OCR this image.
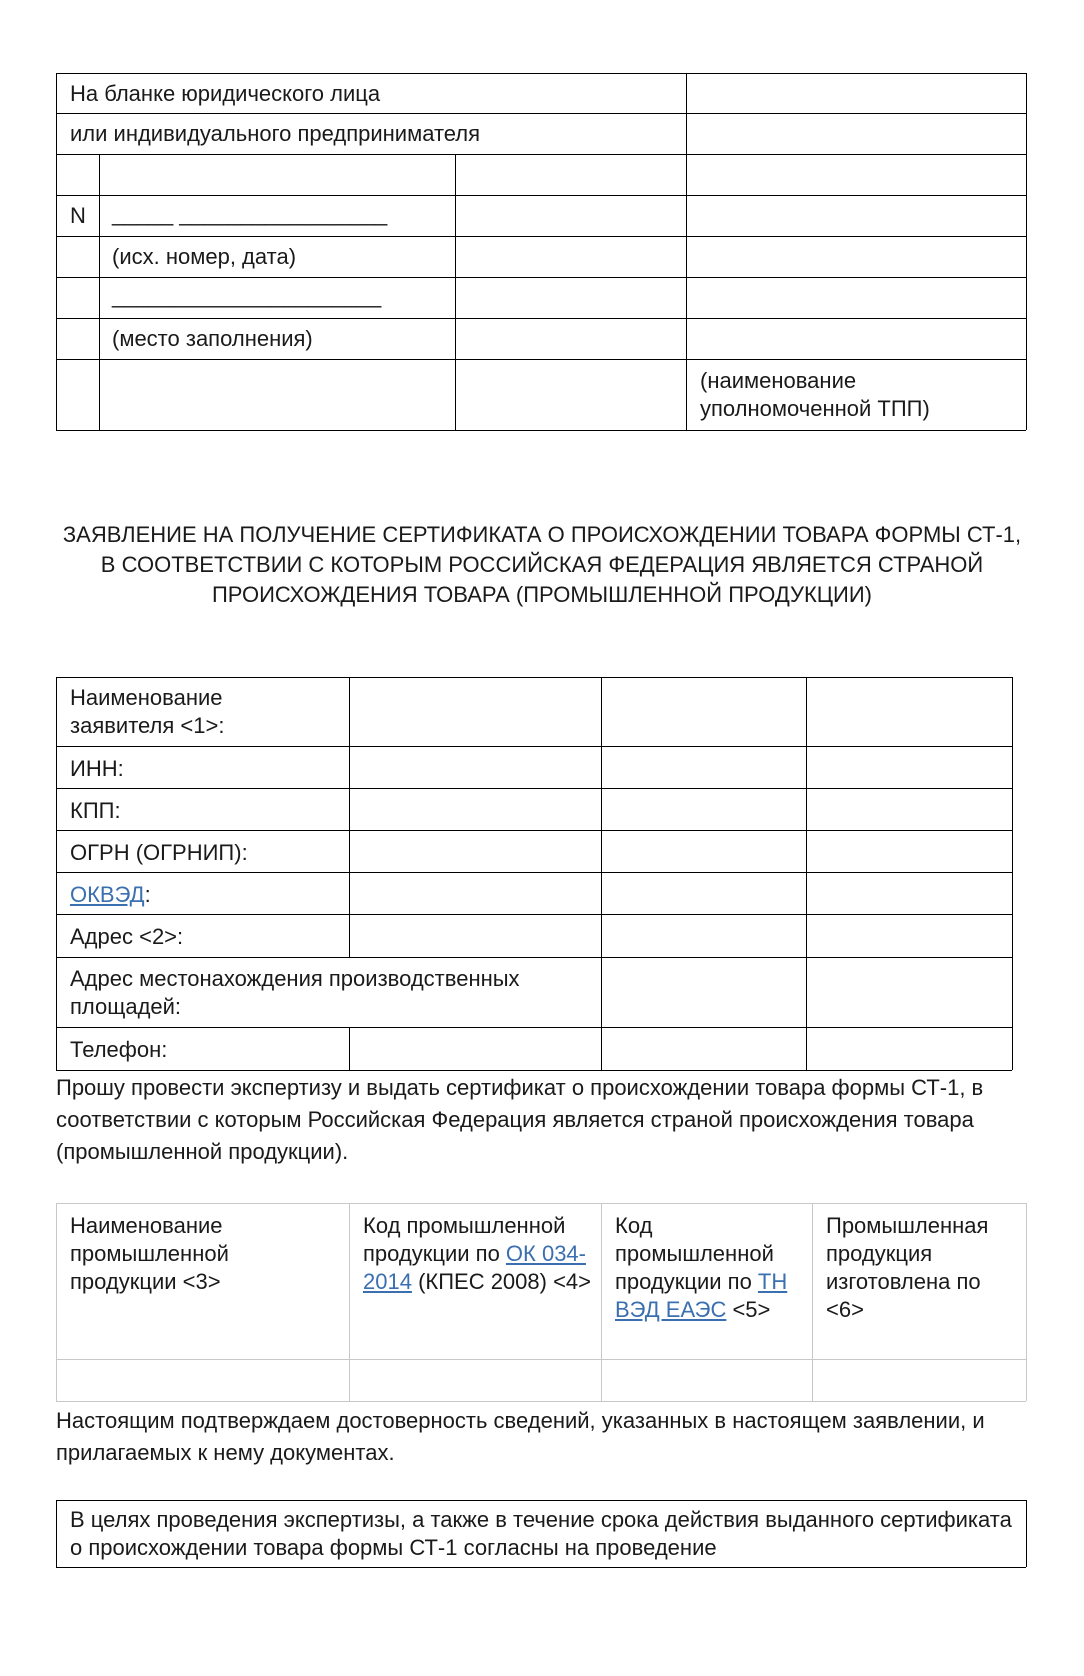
На бланке юридического лица
или индивидуального предпринимателя
N _____ _________________
(исх. номер, дата)
______________________
(место заполнения)
(наименование уполномоченной ТПП)
ЗАЯВЛЕНИЕ НА ПОЛУЧЕНИЕ СЕРТИФИКАТА О ПРОИСХОЖДЕНИИ ТОВАРА ФОРМЫ СТ-1, В СООТВЕТСТВИИ С КОТОРЫМ РОССИЙСКАЯ ФЕДЕРАЦИЯ ЯВЛЯЕТСЯ СТРАНОЙ ПРОИСХОЖДЕНИЯ ТОВАРА (ПРОМЫШЛЕННОЙ ПРОДУКЦИИ)
Наименование заявителя <1>:
ИНН:
КПП:
ОГРН (ОГРНИП):
ОКВЭД:
Адрес <2>:
Адрес местонахождения производственных площадей:
Телефон:
Прошу провести экспертизу и выдать сертификат о происхождении товара формы СТ-1, в соответствии с которым Российская Федерация является страной происхождения товара (промышленной продукции).
Наименование промышленной продукции <3>
Код промышленной продукции по ОК 034-2014 (КПЕС 2008) <4>
Код промышленной продукции по ТН ВЭД ЕАЭС <5>
Промышленная продукция изготовлена по <6>
Настоящим подтверждаем достоверность сведений, указанных в настоящем заявлении, и прилагаемых к нему документах.
В целях проведения экспертизы, а также в течение срока действия выданного сертификата о происхождении товара формы СТ-1 согласны на проведение
